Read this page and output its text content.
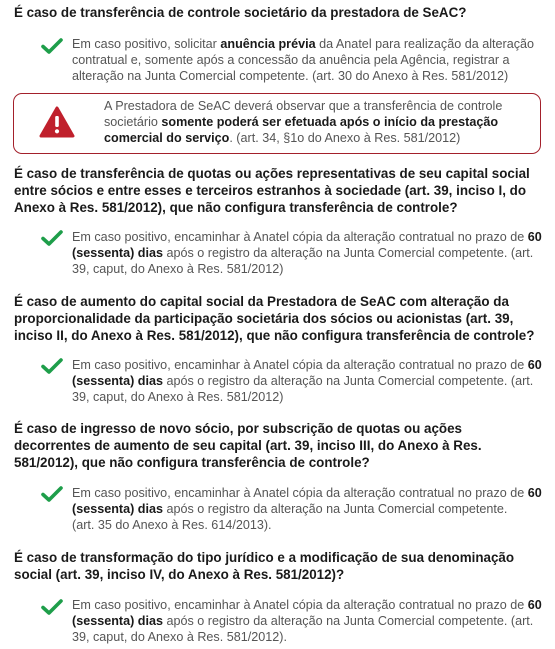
É caso de transferência de controle societário da prestadora de SeAC?
Em caso positivo, solicitar anuência prévia da Anatel para realização da alteração contratual e, somente após a concessão da anuência pela Agência, registrar a alteração na Junta Comercial competente. (art. 30 do Anexo à Res. 581/2012)
A Prestadora de SeAC deverá observar que a transferência de controle societário somente poderá ser efetuada após o início da prestação comercial do serviço. (art. 34, §1o do Anexo à Res. 581/2012)
É caso de transferência de quotas ou ações representativas de seu capital social entre sócios e entre esses e terceiros estranhos à sociedade (art. 39, inciso I, do Anexo à Res. 581/2012), que não configura transferência de controle?
Em caso positivo, encaminhar à Anatel cópia da alteração contratual no prazo de 60 (sessenta) dias após o registro da alteração na Junta Comercial competente. (art. 39, caput, do Anexo à Res. 581/2012)
É caso de aumento do capital social da Prestadora de SeAC com alteração da proporcionalidade da participação societária dos sócios ou acionistas (art. 39, inciso II, do Anexo à Res. 581/2012), que não configura transferência de controle?
Em caso positivo, encaminhar à Anatel cópia da alteração contratual no prazo de 60 (sessenta) dias após o registro da alteração na Junta Comercial competente. (art. 39, caput, do Anexo à Res. 581/2012)
É caso de ingresso de novo sócio, por subscrição de quotas ou ações decorrentes de aumento de seu capital (art. 39, inciso III, do Anexo à Res. 581/2012), que não configura transferência de controle?
Em caso positivo, encaminhar à Anatel cópia da alteração contratual no prazo de 60 (sessenta) dias após o registro da alteração na Junta Comercial competente.
(art. 35 do Anexo à Res. 614/2013).
É caso de transformação do tipo jurídico e a modificação de sua denominação social (art. 39, inciso IV, do Anexo à Res. 581/2012)?
Em caso positivo, encaminhar à Anatel cópia da alteração contratual no prazo de 60 (sessenta) dias após o registro da alteração na Junta Comercial competente. (art. 39, caput, do Anexo à Res. 581/2012).
